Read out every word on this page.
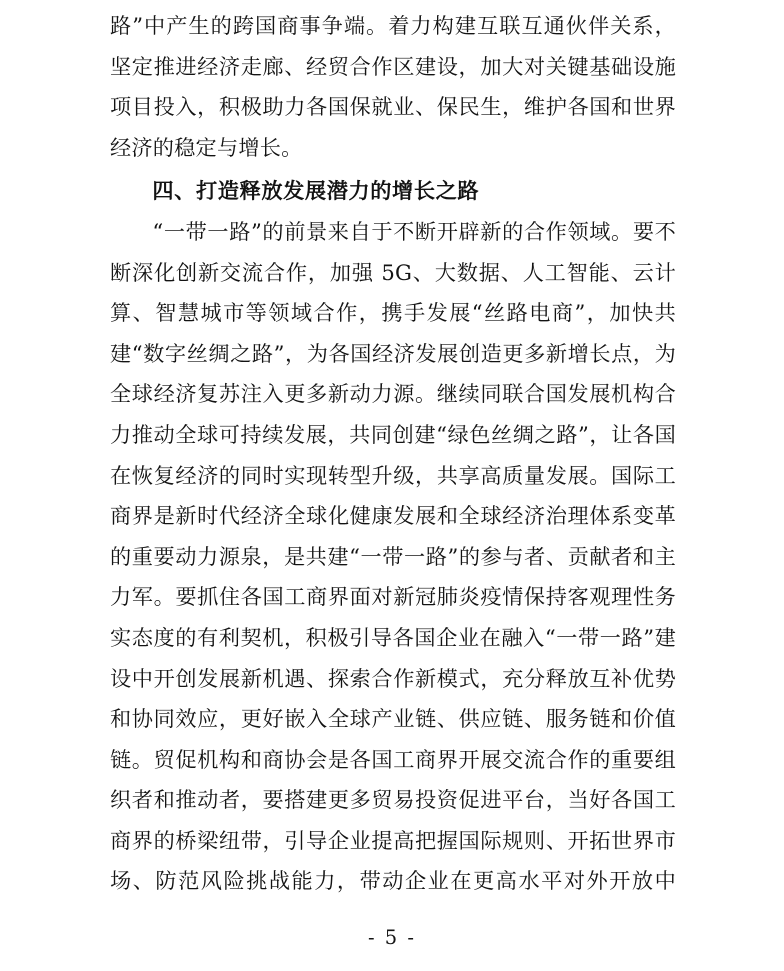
路”中产生的跨国商事争端。着力构建互联互通伙伴关系，坚定推进经济走廊、经贸合作区建设，加大对关键基础设施项目投入，积极助力各国保就业、保民生，维护各国和世界经济的稳定与增长。

四、打造释放发展潜力的增长之路

“一带一路”的前景来自于不断开辟新的合作领域。要不断深化创新交流合作，加强 5G、大数据、人工智能、云计算、智慧城市等领域合作，携手发展“丝路电商”，加快共建“数字丝绸之路”，为各国经济发展创造更多新增长点，为全球经济复苏注入更多新动力源。继续同联合国发展机构合力推动全球可持续发展，共同创建“绿色丝绸之路”，让各国在恢复经济的同时实现转型升级，共享高质量发展。国际工商界是新时代经济全球化健康发展和全球经济治理体系变革的重要动力源泉，是共建“一带一路”的参与者、贡献者和主力军。要抓住各国工商界面对新冠肺炎疫情保持客观理性务实态度的有利契机，积极引导各国企业在融入“一带一路”建设中开创发展新机遇、探索合作新模式，充分释放互补优势和协同效应，更好嵌入全球产业链、供应链、服务链和价值链。贸促机构和商协会是各国工商界开展交流合作的重要组织者和推动者，要搭建更多贸易投资促进平台，当好各国工商界的桥梁纽带，引导企业提高把握国际规则、开拓世界市场、防范风险挑战能力，带动企业在更高水平对外开放中

- 5 -
